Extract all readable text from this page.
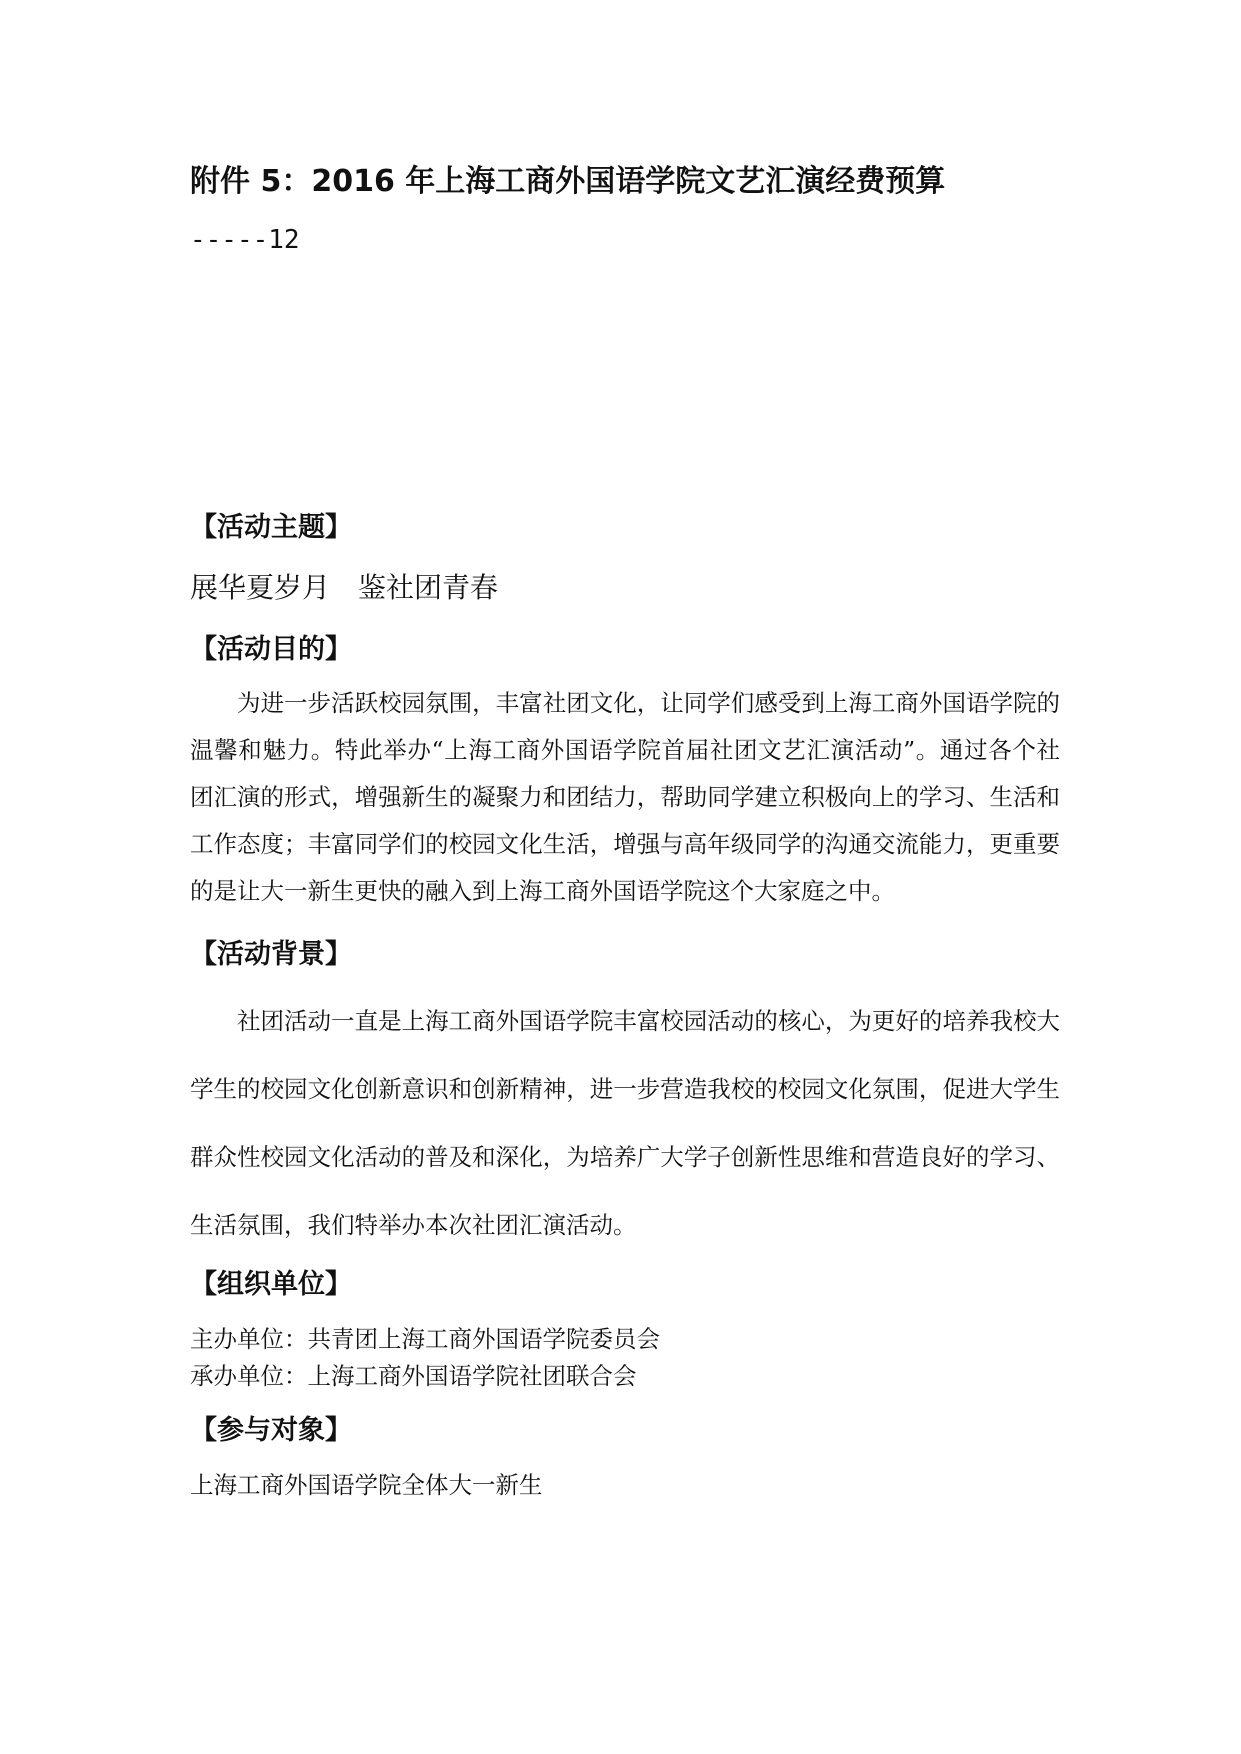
附件 5：2016 年上海工商外国语学院文艺汇演经费预算
-----12
【活动主题】

展华夏岁月　鉴社团青春

【活动目的】

为进一步活跃校园氛围，丰富社团文化，让同学们感受到上海工商外国语学院的温馨和魅力。特此举办“上海工商外国语学院首届社团文艺汇演活动”。通过各个社团汇演的形式，增强新生的凝聚力和团结力，帮助同学建立积极向上的学习、生活和工作态度；丰富同学们的校园文化生活，增强与高年级同学的沟通交流能力，更重要的是让大一新生更快的融入到上海工商外国语学院这个大家庭之中。

【活动背景】

社团活动一直是上海工商外国语学院丰富校园活动的核心，为更好的培养我校大学生的校园文化创新意识和创新精神，进一步营造我校的校园文化氛围，促进大学生群众性校园文化活动的普及和深化，为培养广大学子创新性思维和营造良好的学习、生活氛围，我们特举办本次社团汇演活动。

【组织单位】

主办单位：共青团上海工商外国语学院委员会

承办单位：上海工商外国语学院社团联合会

【参与对象】

上海工商外国语学院全体大一新生
